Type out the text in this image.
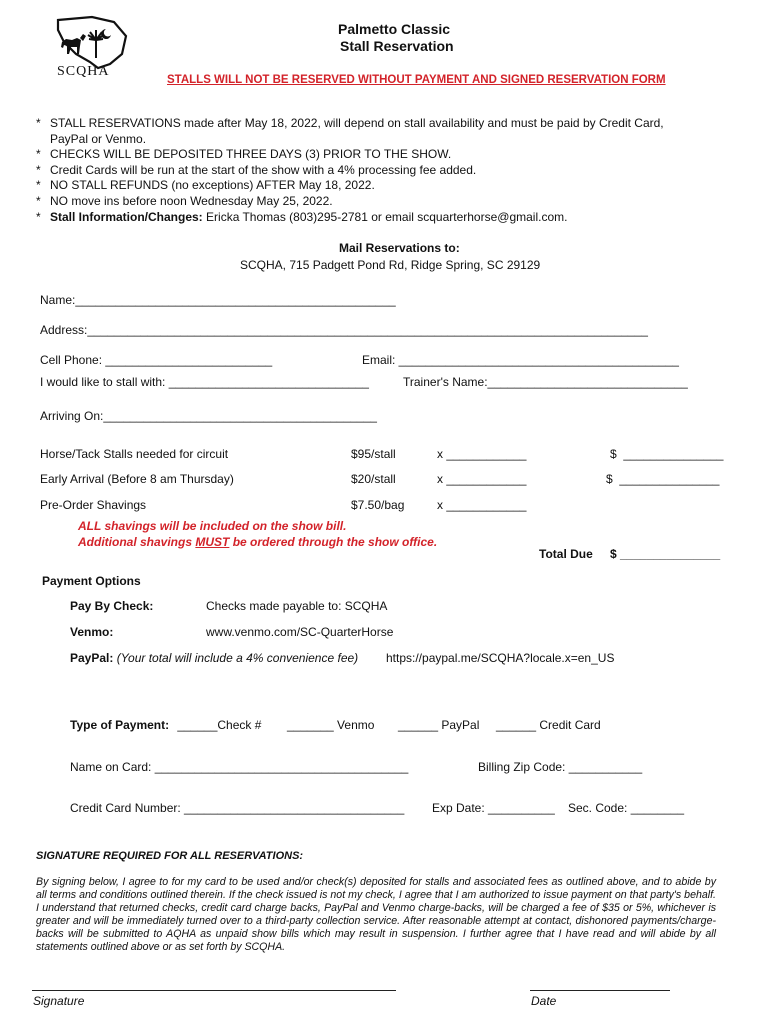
SCQHA
Palmetto Classic
Stall Reservation
STALLS WILL NOT BE RESERVED WITHOUT PAYMENT AND SIGNED RESERVATION FORM
* STALL RESERVATIONS made after May 18, 2022, will depend on stall availability and must be paid by Credit Card, PayPal or Venmo.
* CHECKS WILL BE DEPOSITED THREE DAYS (3) PRIOR TO THE SHOW.
* Credit Cards will be run at the start of the show with a 4% processing fee added.
* NO STALL REFUNDS (no exceptions) AFTER May 18, 2022.
* NO move ins before noon Wednesday May 25, 2022.
* Stall Information/Changes: Ericka Thomas (803)295-2781 or email scquarterhorse@gmail.com.
Mail Reservations to:
SCQHA, 715 Padgett Pond Rd, Ridge Spring, SC 29129
Name:________________________________________________
Address:____________________________________________________________________________________
Cell Phone: _________________________	Email: __________________________________________
I would like to stall with: ______________________________	Trainer's Name:______________________________
Arriving On:_________________________________________
Horse/Tack Stalls needed for circuit	$95/stall	x ____________	$  _______________
Early Arrival (Before 8 am Thursday)	$20/stall	x ____________	$  _______________
Pre-Order Shavings	$7.50/bag	x ____________
ALL shavings will be included on the show bill.
Additional shavings MUST be ordered through the show office.
Total Due $ _______________
Payment Options
Pay By Check:	Checks made payable to: SCQHA
Venmo:	www.venmo.com/SC-QuarterHorse
PayPal: (Your total will include a 4% convenience fee) https://paypal.me/SCQHA?locale.x=en_US
Type of Payment: ______Check # _______ Venmo ______ PayPal ______ Credit Card
Name on Card: ______________________________________	Billing Zip Code: ___________
Credit Card Number: _________________________________ Exp Date: __________ Sec. Code: ________
SIGNATURE REQUIRED FOR ALL RESERVATIONS:
By signing below, I agree to for my card to be used and/or check(s) deposited for stalls and associated fees as outlined above, and to abide by all terms and conditions outlined therein. If the check issued is not my check, I agree that I am authorized to issue payment on that party's behalf. I understand that returned checks, credit card charge backs, PayPal and Venmo charge-backs, will be charged a fee of $35 or 5%, whichever is greater and will be immediately turned over to a third-party collection service. After reasonable attempt at contact, dishonored payments/charge-backs will be submitted to AQHA as unpaid show bills which may result in suspension. I further agree that I have read and will abide by all statements outlined above or as set forth by SCQHA.
Signature	Date
